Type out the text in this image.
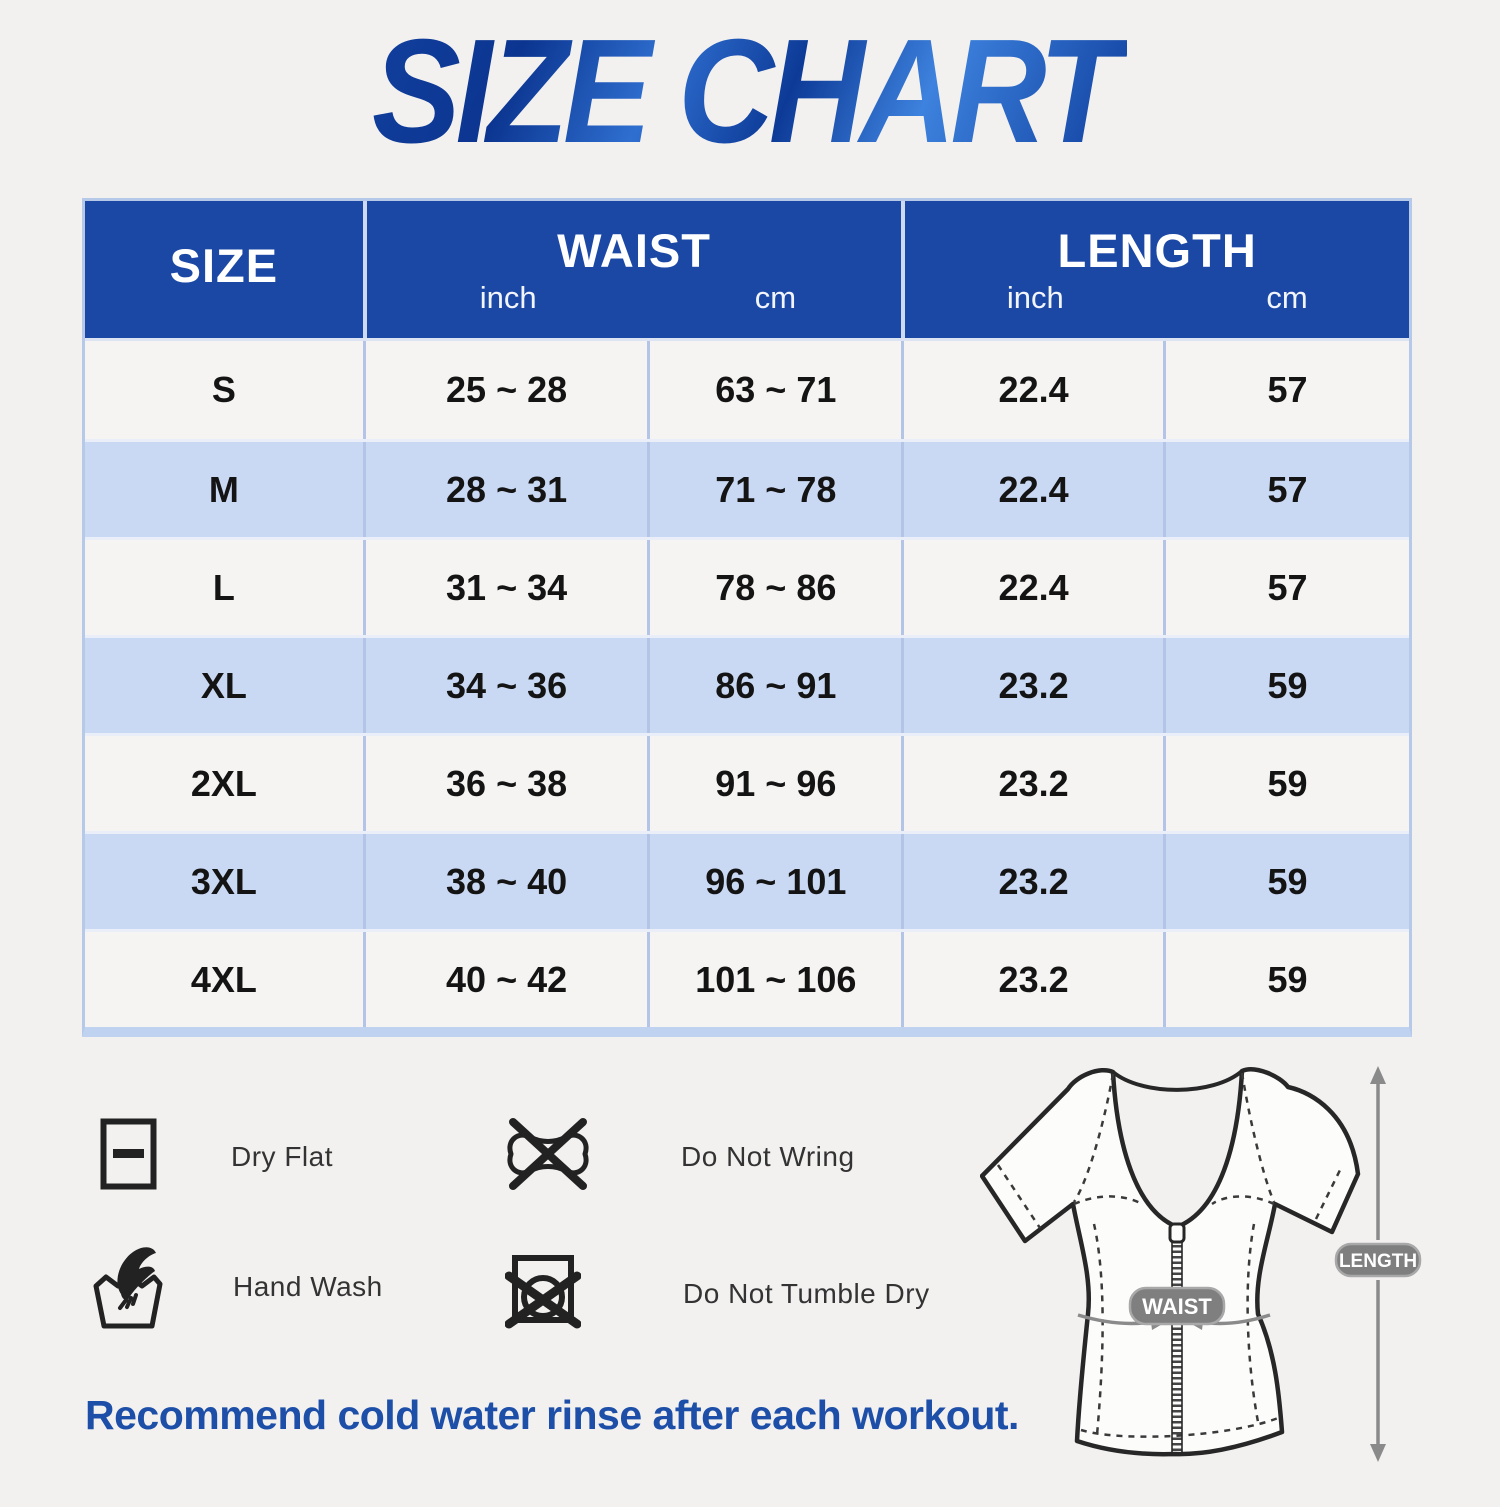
SIZE CHART
SIZE	WAIST
inch	cm
LENGTH
inch	cm
S	25 ~ 28	63 ~ 71	22.4	57
M	28 ~ 31	71 ~ 78	22.4	57
L	31 ~ 34	78 ~ 86	22.4	57
XL	34 ~ 36	86 ~ 91	23.2	59
2XL	36 ~ 38	91 ~ 96	23.2	59
3XL	38 ~ 40	96 ~ 101	23.2	59
4XL	40 ~ 42	101 ~ 106	23.2	59
Dry Flat
Hand Wash
Do Not Wring
Do Not Tumble Dry	WAIST
LENGTH
Recommend cold water rinse after each workout.
